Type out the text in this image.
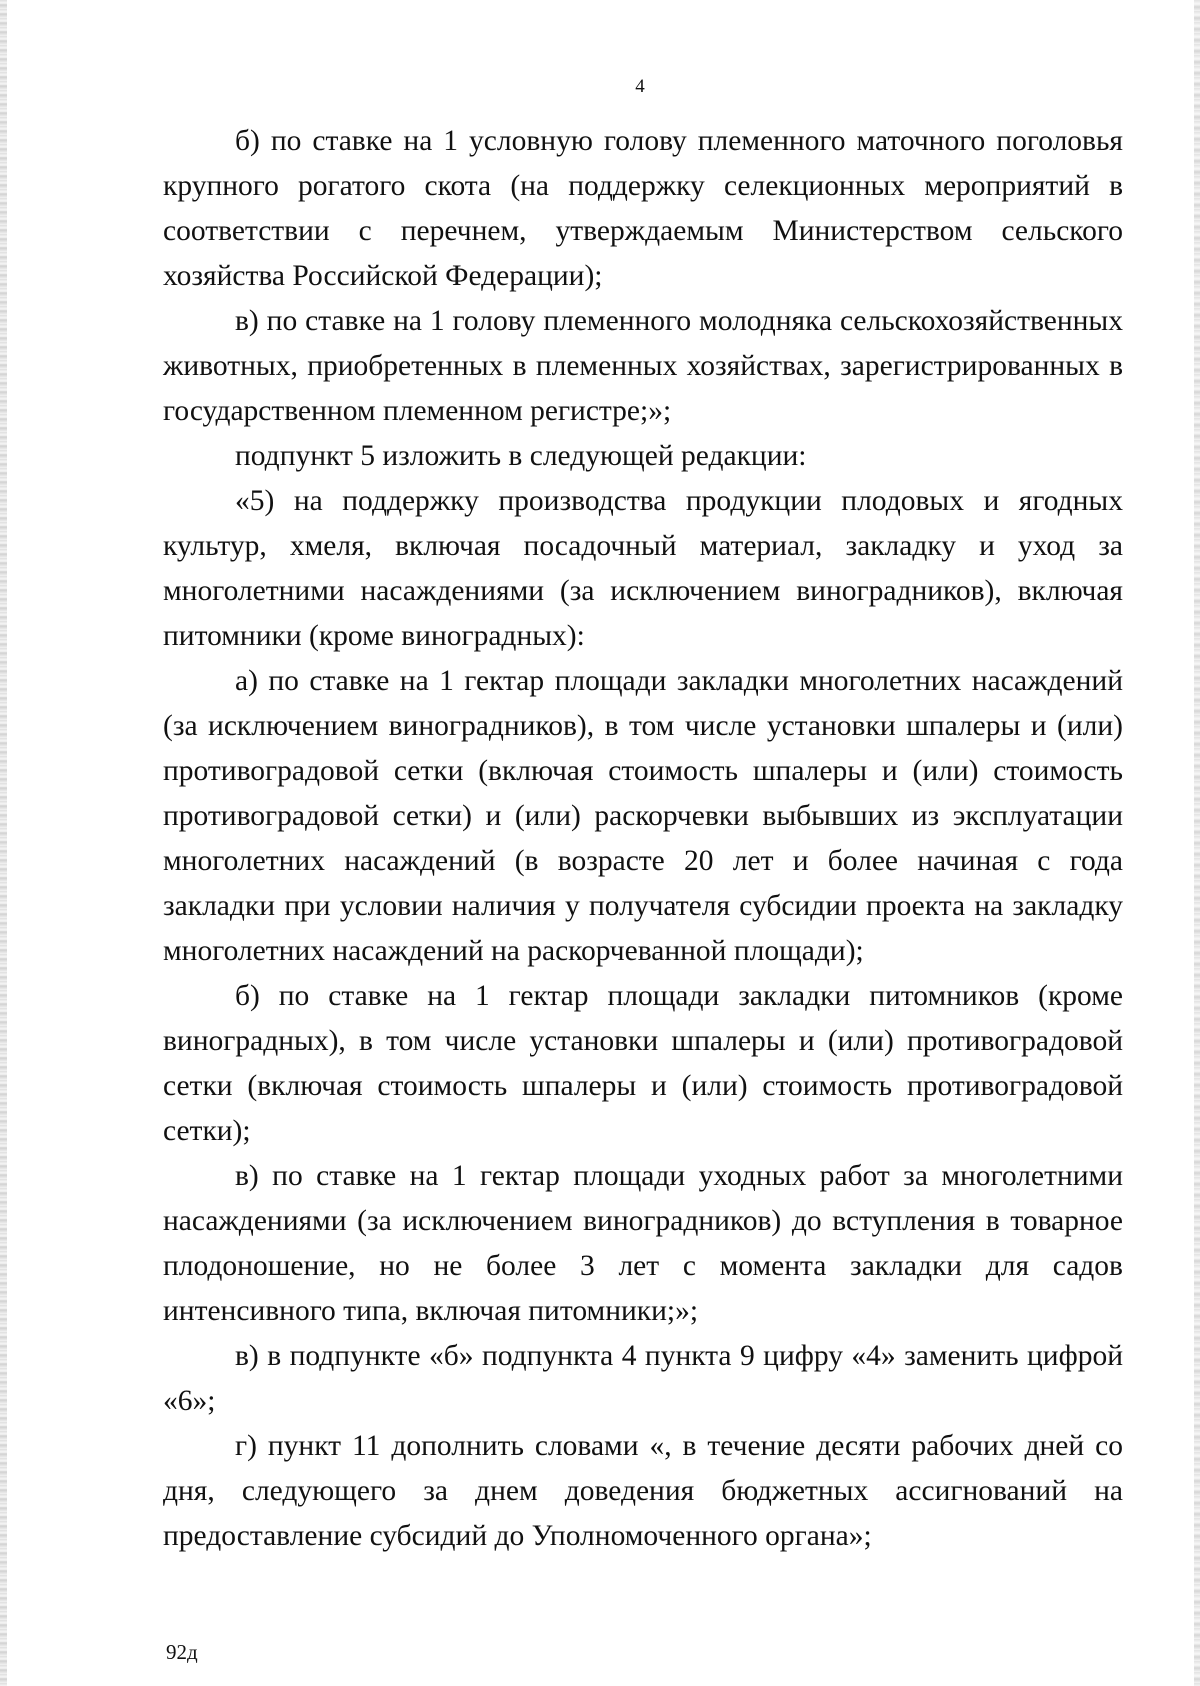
4

б) по ставке на 1 условную голову племенного маточного поголовья крупного рогатого скота (на поддержку селекционных мероприятий в соответствии с перечнем, утверждаемым Министерством сельского хозяйства Российской Федерации);

в) по ставке на 1 голову племенного молодняка сельскохозяйственных животных, приобретенных в племенных хозяйствах, зарегистрированных в государственном племенном регистре;»;

подпункт 5 изложить в следующей редакции:

«5) на поддержку производства продукции плодовых и ягодных культур, хмеля, включая посадочный материал, закладку и уход за многолетними насаждениями (за исключением виноградников), включая питомники (кроме виноградных):

а) по ставке на 1 гектар площади закладки многолетних насаждений (за исключением виноградников), в том числе установки шпалеры и (или) противоградовой сетки (включая стоимость шпалеры и (или) стоимость противоградовой сетки) и (или) раскорчевки выбывших из эксплуатации многолетних насаждений (в возрасте 20 лет и более начиная с года закладки при условии наличия у получателя субсидии проекта на закладку многолетних насаждений на раскорчеванной площади);

б) по ставке на 1 гектар площади закладки питомников (кроме виноградных), в том числе установки шпалеры и (или) противоградовой сетки (включая стоимость шпалеры и (или) стоимость противоградовой сетки);

в) по ставке на 1 гектар площади уходных работ за многолетними насаждениями (за исключением виноградников) до вступления в товарное плодоношение, но не более 3 лет с момента закладки для садов интенсивного типа, включая питомники;»;

в) в подпункте «б» подпункта 4 пункта 9 цифру «4» заменить цифрой «6»;

г) пункт 11 дополнить словами «, в течение десяти рабочих дней со дня, следующего за днем доведения бюджетных ассигнований на предоставление субсидий до Уполномоченного органа»;

92д
